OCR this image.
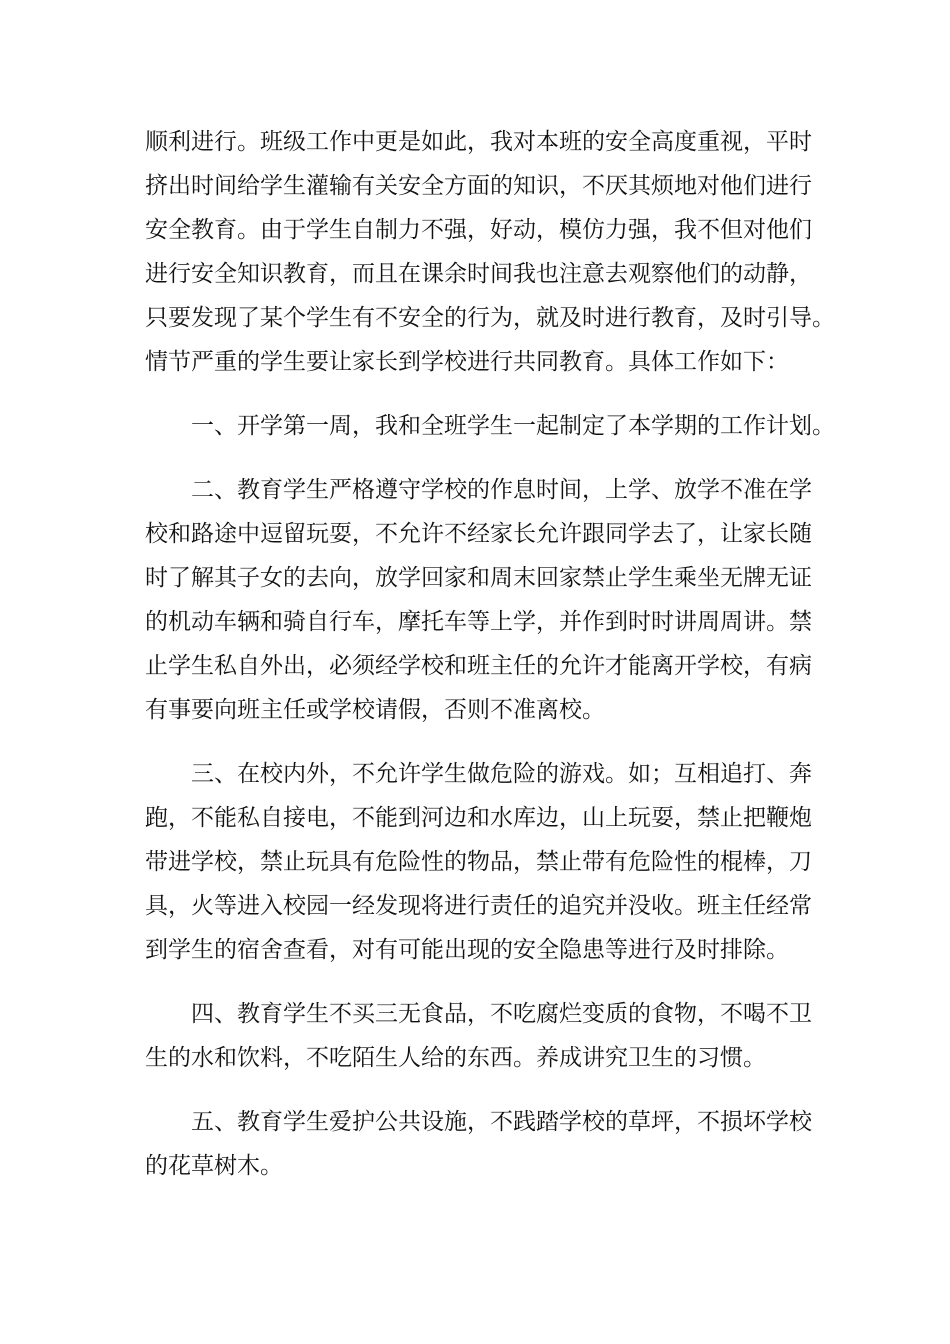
顺利进行。班级工作中更是如此，我对本班的安全高度重视，平时
挤出时间给学生灌输有关安全方面的知识，不厌其烦地对他们进行
安全教育。由于学生自制力不强，好动，模仿力强，我不但对他们
进行安全知识教育，而且在课余时间我也注意去观察他们的动静，
只要发现了某个学生有不安全的行为，就及时进行教育，及时引导。
情节严重的学生要让家长到学校进行共同教育。具体工作如下：
一、开学第一周，我和全班学生一起制定了本学期的工作计划。
二、教育学生严格遵守学校的作息时间，上学、放学不准在学
校和路途中逗留玩耍，不允许不经家长允许跟同学去了，让家长随
时了解其子女的去向，放学回家和周末回家禁止学生乘坐无牌无证
的机动车辆和骑自行车，摩托车等上学，并作到时时讲周周讲。禁
止学生私自外出，必须经学校和班主任的允许才能离开学校，有病
有事要向班主任或学校请假，否则不准离校。
三、在校内外，不允许学生做危险的游戏。如；互相追打、奔
跑，不能私自接电，不能到河边和水库边，山上玩耍，禁止把鞭炮
带进学校，禁止玩具有危险性的物品，禁止带有危险性的棍棒，刀
具，火等进入校园一经发现将进行责任的追究并没收。班主任经常
到学生的宿舍查看，对有可能出现的安全隐患等进行及时排除。
四、教育学生不买三无食品，不吃腐烂变质的食物，不喝不卫
生的水和饮料，不吃陌生人给的东西。养成讲究卫生的习惯。
五、教育学生爱护公共设施，不践踏学校的草坪，不损坏学校
的花草树木。
